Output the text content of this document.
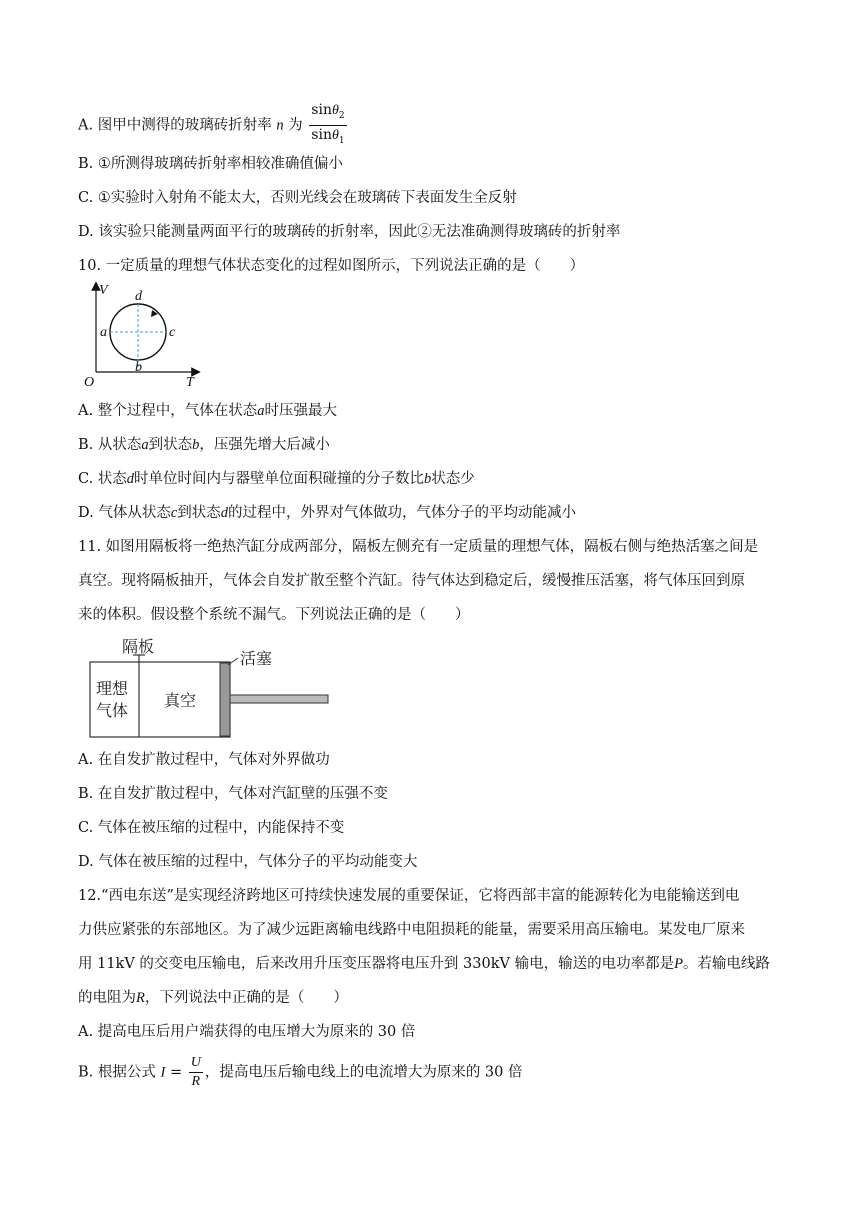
A. 图甲中测得的玻璃砖折射率 n 为 $\frac{\sin\theta_2}{\sin\theta_1}$
B. ①所测得玻璃砖折射率相较准确值偏小
C. ①实验时入射角不能太大，否则光线会在玻璃砖下表面发生全反射
D. 该实验只能测量两面平行的玻璃砖的折射率，因此②无法准确测得玻璃砖的折射率
10. 一定质量的理想气体状态变化的过程如图所示，下列说法正确的是（　　）
V
T
O
a	c
d
b
A. 整个过程中，气体在状态a时压强最大
B. 从状态a到状态b，压强先增大后减小
C. 状态d时单位时间内与器壁单位面积碰撞的分子数比b状态少
D. 气体从状态c到状态d的过程中，外界对气体做功，气体分子的平均动能减小
11. 如图用隔板将一绝热汽缸分成两部分，隔板左侧充有一定质量的理想气体，隔板右侧与绝热活塞之间是
真空。现将隔板抽开，气体会自发扩散至整个汽缸。待气体达到稳定后，缓慢推压活塞，将气体压回到原
来的体积。假设整个系统不漏气。下列说法正确的是（　　）
隔板
活塞
理想
气体
真空
A. 在自发扩散过程中，气体对外界做功
B. 在自发扩散过程中，气体对汽缸壁的压强不变
C. 气体在被压缩的过程中，内能保持不变
D. 气体在被压缩的过程中，气体分子的平均动能变大
12.“西电东送”是实现经济跨地区可持续快速发展的重要保证，它将西部丰富的能源转化为电能输送到电
力供应紧张的东部地区。为了减少远距离输电线路中电阻损耗的能量，需要采用高压输电。某发电厂原来
用 11kV 的交变电压输电，后来改用升压变压器将电压升到 330kV 输电，输送的电功率都是P。若输电线路
的电阻为R，下列说法中正确的是（　　）
A. 提高电压后用户端获得的电压增大为原来的 30 倍
B. 根据公式 $I = \frac{U}{R}$ ，提高电压后输电线上的电流增大为原来的 30 倍
